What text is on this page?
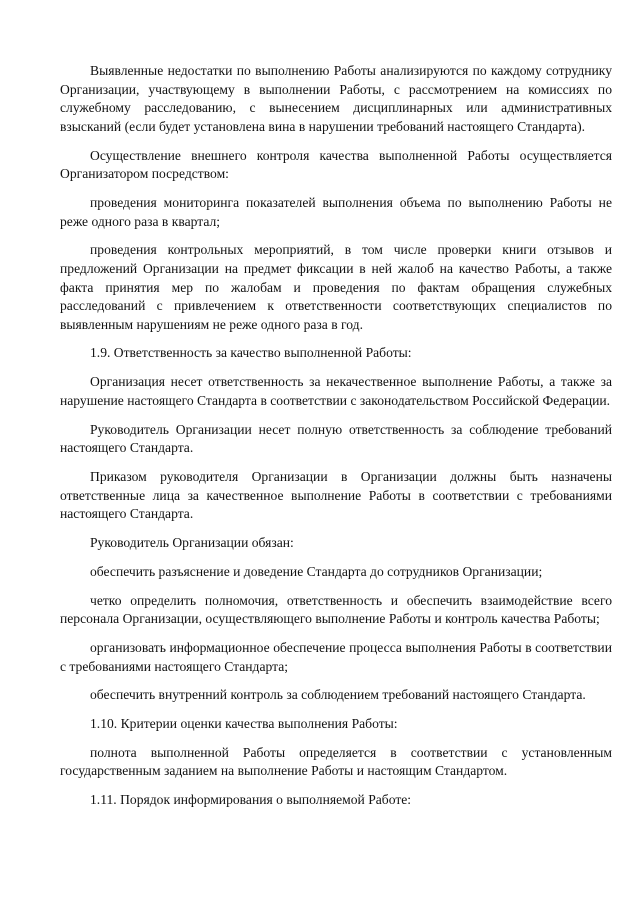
Выявленные недостатки по выполнению Работы анализируются по каждому сотруднику Организации, участвующему в выполнении Работы, с рассмотрением на комиссиях по служебному расследованию, с вынесением дисциплинарных или административных взысканий (если будет установлена вина в нарушении требований настоящего Стандарта).

Осуществление внешнего контроля качества выполненной Работы осуществляется Организатором посредством:

проведения мониторинга показателей выполнения объема по выполнению Работы не реже одного раза в квартал;

проведения контрольных мероприятий, в том числе проверки книги отзывов и предложений Организации на предмет фиксации в ней жалоб на качество Работы, а также факта принятия мер по жалобам и проведения по фактам обращения служебных расследований с привлечением к ответственности соответствующих специалистов по выявленным нарушениям не реже одного раза в год.

1.9. Ответственность за качество выполненной Работы:

Организация несет ответственность за некачественное выполнение Работы, а также за нарушение настоящего Стандарта в соответствии с законодательством Российской Федерации.

Руководитель Организации несет полную ответственность за соблюдение требований настоящего Стандарта.

Приказом руководителя Организации в Организации должны быть назначены ответственные лица за качественное выполнение Работы в соответствии с требованиями настоящего Стандарта.

Руководитель Организации обязан:

обеспечить разъяснение и доведение Стандарта до сотрудников Организации;

четко определить полномочия, ответственность и обеспечить взаимодействие всего персонала Организации, осуществляющего выполнение Работы и контроль качества Работы;

организовать информационное обеспечение процесса выполнения Работы в соответствии с требованиями настоящего Стандарта;

обеспечить внутренний контроль за соблюдением требований настоящего Стандарта.

1.10. Критерии оценки качества выполнения Работы:

полнота выполненной Работы определяется в соответствии с установленным государственным заданием на выполнение Работы и настоящим Стандартом.

1.11. Порядок информирования о выполняемой Работе:
